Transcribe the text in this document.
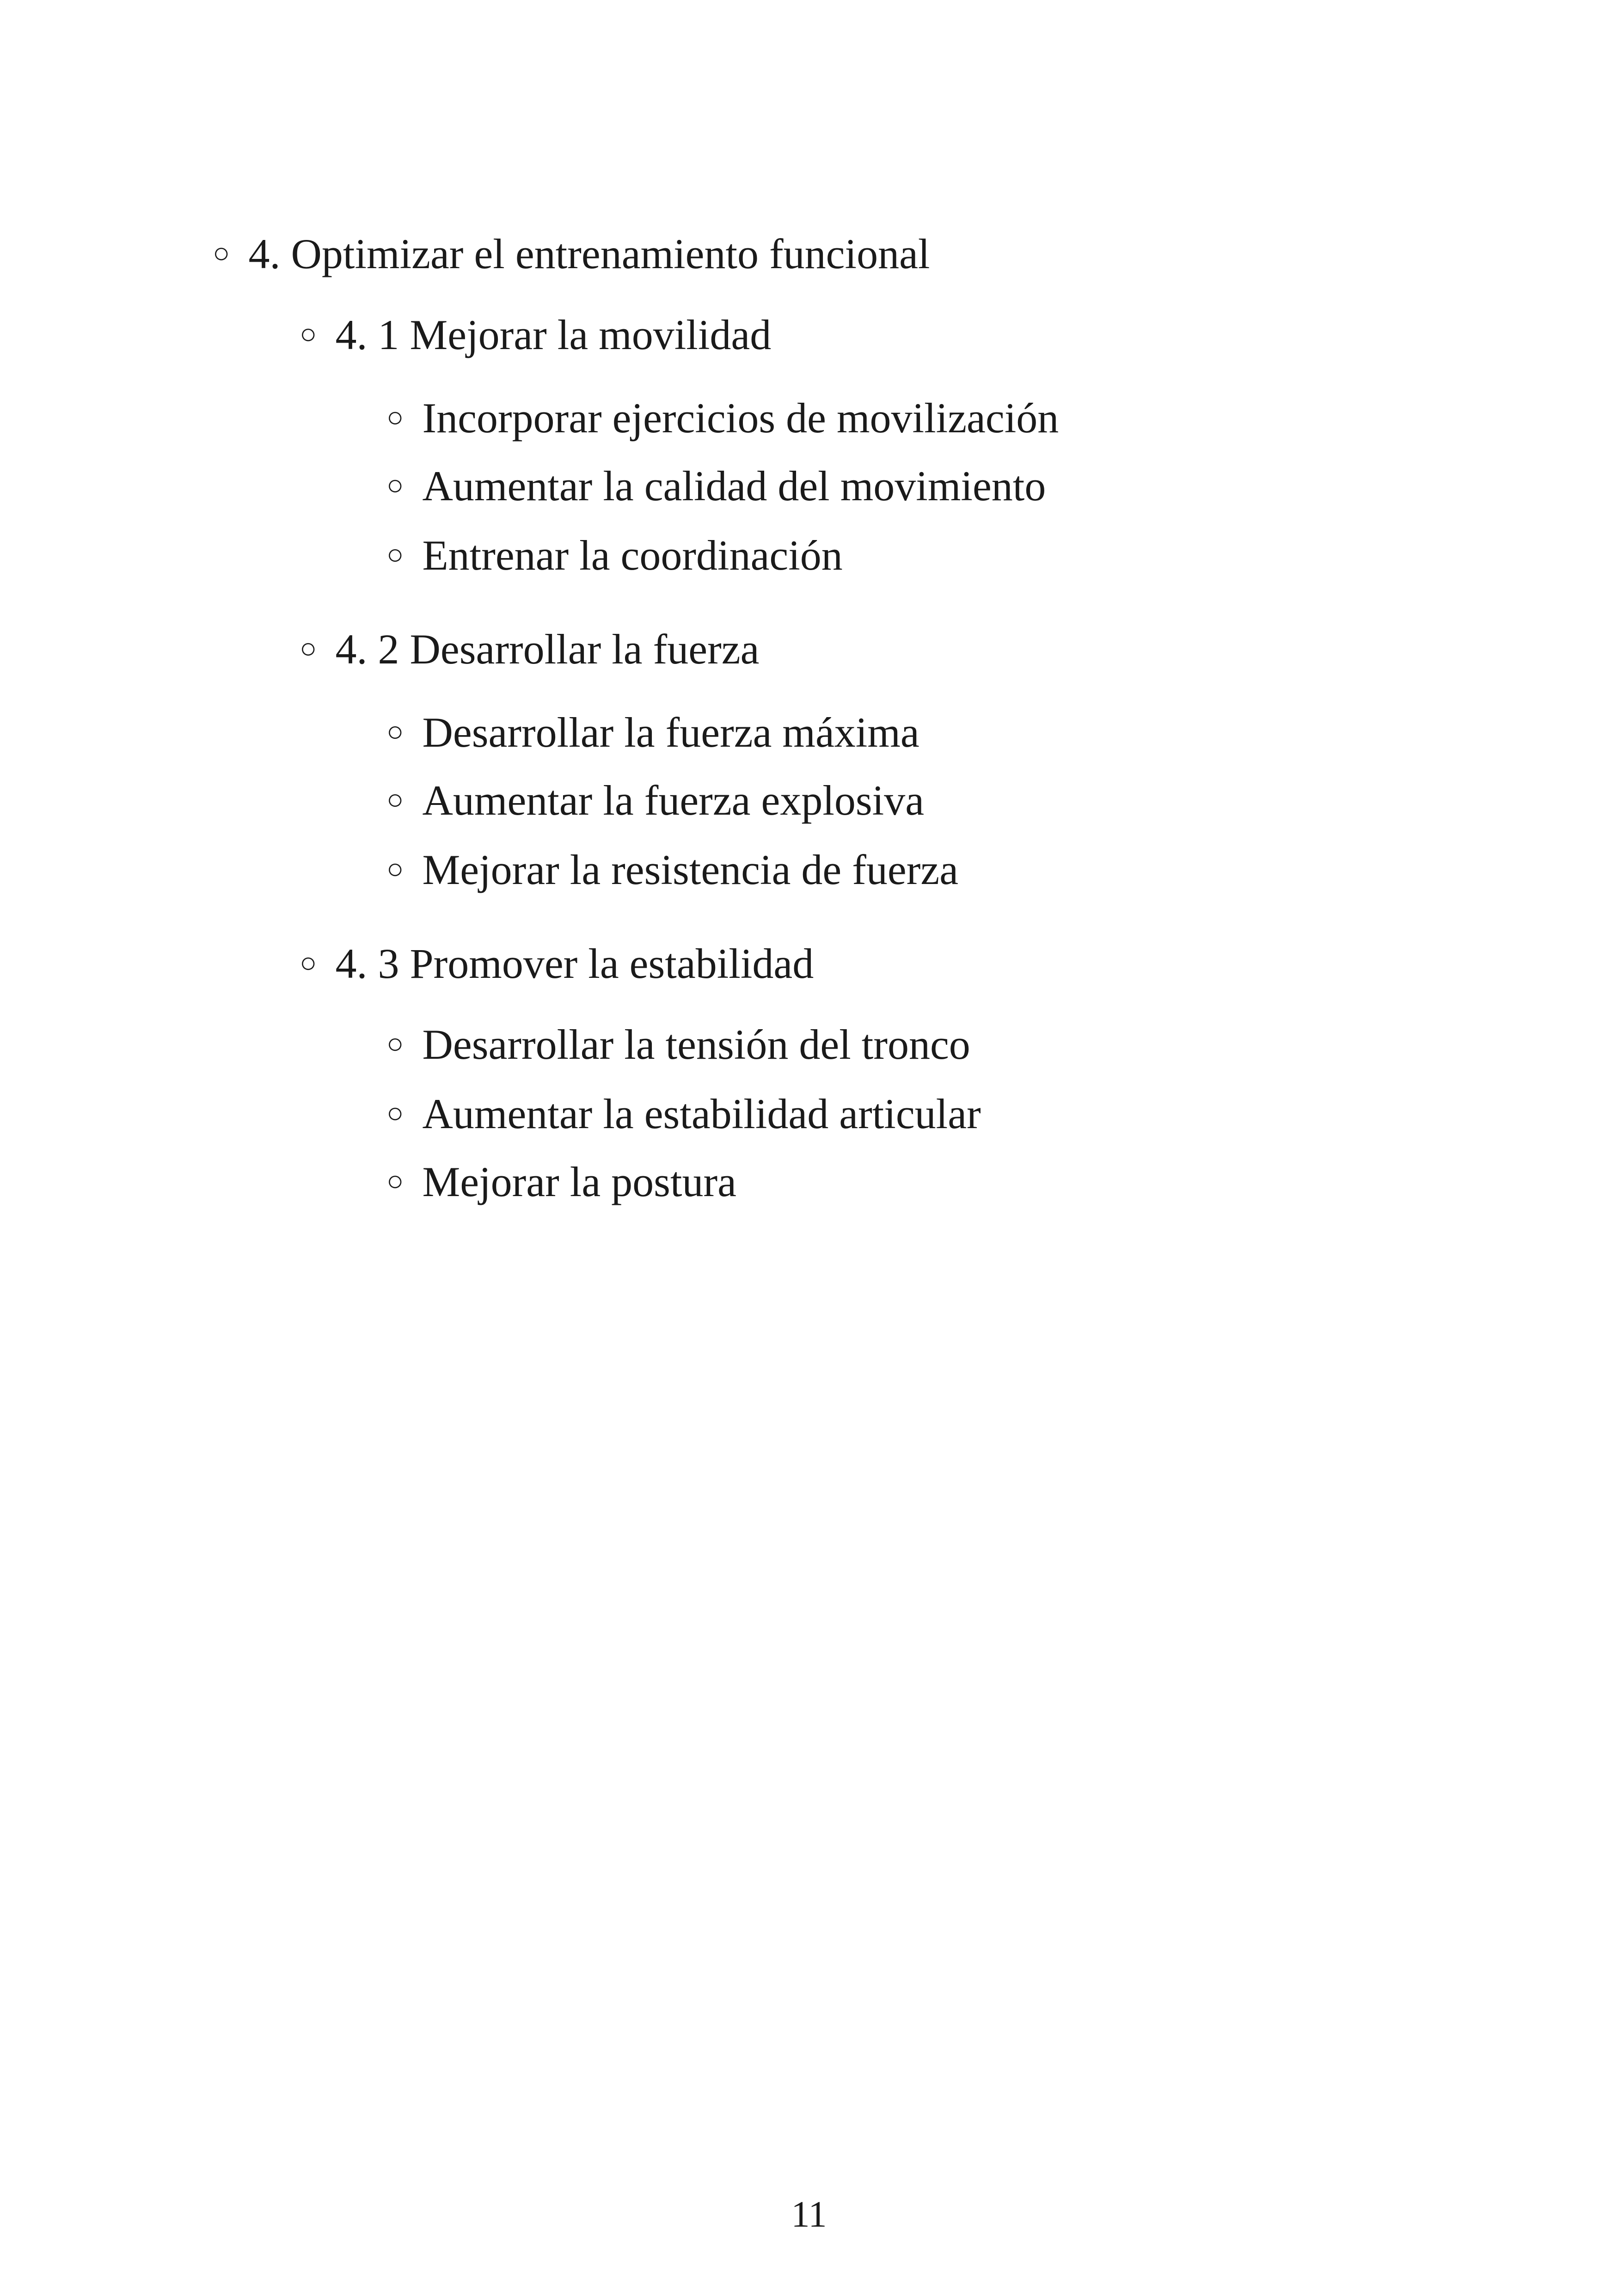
○ 4. Optimizar el entrenamiento funcional
○ 4. 1 Mejorar la movilidad
○ Incorporar ejercicios de movilización
○ Aumentar la calidad del movimiento
○ Entrenar la coordinación
○ 4. 2 Desarrollar la fuerza
○ Desarrollar la fuerza máxima
○ Aumentar la fuerza explosiva
○ Mejorar la resistencia de fuerza
○ 4. 3 Promover la estabilidad
○ Desarrollar la tensión del tronco
○ Aumentar la estabilidad articular
○ Mejorar la postura
11
